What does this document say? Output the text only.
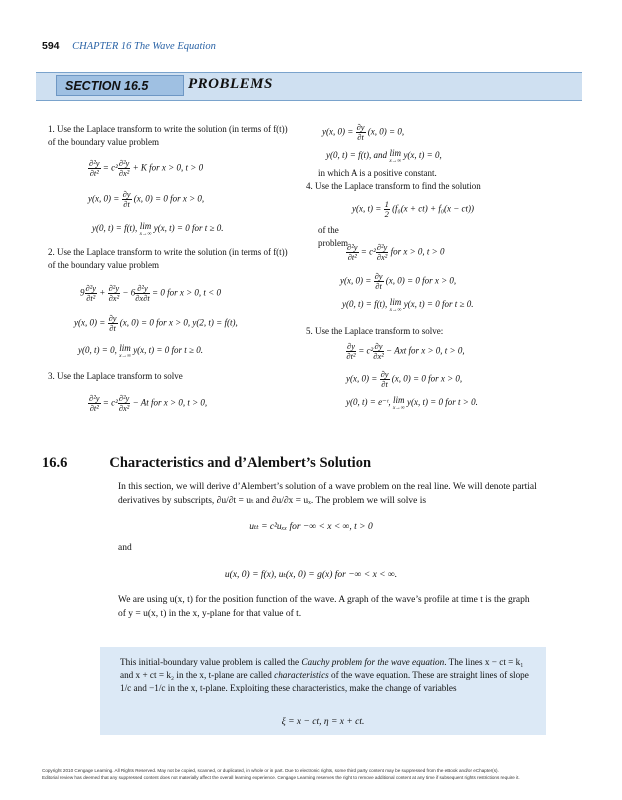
594 CHAPTER 16 The Wave Equation
SECTION 16.5	PROBLEMS
1. Use the Laplace transform to write the solution (in terms of f(t)) of the boundary value problem
$\frac{\text{∂²y}}{\text{∂t²}} = c^2 \frac{\text{∂²y}}{\text{∂x²}} + K$ for x > 0, t > 0
y(x, $0) = \frac{\partial y}{\partial t} (x$, 0) = 0 for x > 0,
y(0, t) = f(t), lim
x→∞
y(x, t) = 0 for t ≥ 0.
2. Use the Laplace transform to write the solution (in terms of f(t)) of the boundary value problem
$9 \frac{\text{∂²y}}{\text{∂t²}} + \frac{\text{∂²y}}{\text{∂x²}} - 6 \frac{\text{∂²y}}{\partial x\partial t} = 0$ for x > 0, t < 0
y(x, $0) = \frac{\partial y}{\partial t} (x$, 0) = 0 for x > 0, y(2, t) = f(t),
y(0, t) = 0, lim
x→∞
y(x, t) = 0 for t ≥ 0.
3. Use the Laplace transform to solve
$\frac{\text{∂²y}}{\text{∂t²}} = c^2 \frac{\text{∂²y}}{\text{∂x²}} - At$ for x > 0, t > 0,
y(x, $0) = \frac{\partial y}{\partial t} (x$, 0) = 0,
y(0, t) = f(t), and lim
x→∞
y(x, t) = 0,
in which A is a positive constant.
4. Use the Laplace transform to find the solution
y(x, $t) = \frac{1}{2} (f_0(x + ct) + f_0(x - ct))$
of the problem
$\frac{\text{∂²y}}{\text{∂t²}} = c^2 \frac{\text{∂²y}}{\text{∂x²}}$ for x > 0, t > 0
y(x, $0) = \frac{\partial y}{\partial t} (x$, 0) = 0 for x > 0,
y(0, t) = f(t), lim
x→∞
y(x, t) = 0 for t ≥ 0.
5. Use the Laplace transform to solve:
$\frac{\partial y}{\text{∂t²}} = c^2 \frac{\partial y}{\text{∂x²}}$ − Axt for x > 0, t > 0,
y(x, $0) = \frac{\partial y}{\partial t} (x$, 0) = 0 for x > 0,
y(0, t) = e⁻ᵗ, lim
x→∞
y(x, t) = 0 for t > 0.
16.6	Characteristics and d’Alembert’s Solution
In this section, we will derive d’Alembert’s solution of a wave problem on the real line. We will denote partial derivatives by subscripts, ∂u/∂t = uₜ and ∂u/∂x = uₓ. The problem we will solve is
uₜₜ = c²uₓₓ for −∞ < x < ∞, t > 0
and
u(x, 0) = f(x), uₜ(x, 0) = g(x) for −∞ < x < ∞.
We are using u(x, t) for the position function of the wave. A graph of the wave’s profile at time t is the graph of y = u(x, t) in the x, y-plane for that value of t.
This initial-boundary value problem is called the Cauchy problem for the wave equation. The lines x − ct = k₁ and x + ct = k₂ in the x, t-plane are called characteristics of the wave equation. These are straight lines of slope 1/c and −1/c in the x, t-plane. Exploiting these characteristics, make the change of variables
ξ = x − ct, η = x + ct.
Copyright 2010 Cengage Learning. All Rights Reserved. May not be copied, scanned, or duplicated, in whole or in part. Due to electronic rights, some third party content may be suppressed from the eBook and/or eChapter(s).
Editorial review has deemed that any suppressed content does not materially affect the overall learning experience. Cengage Learning reserves the right to remove additional content at any time if subsequent rights restrictions require it.
